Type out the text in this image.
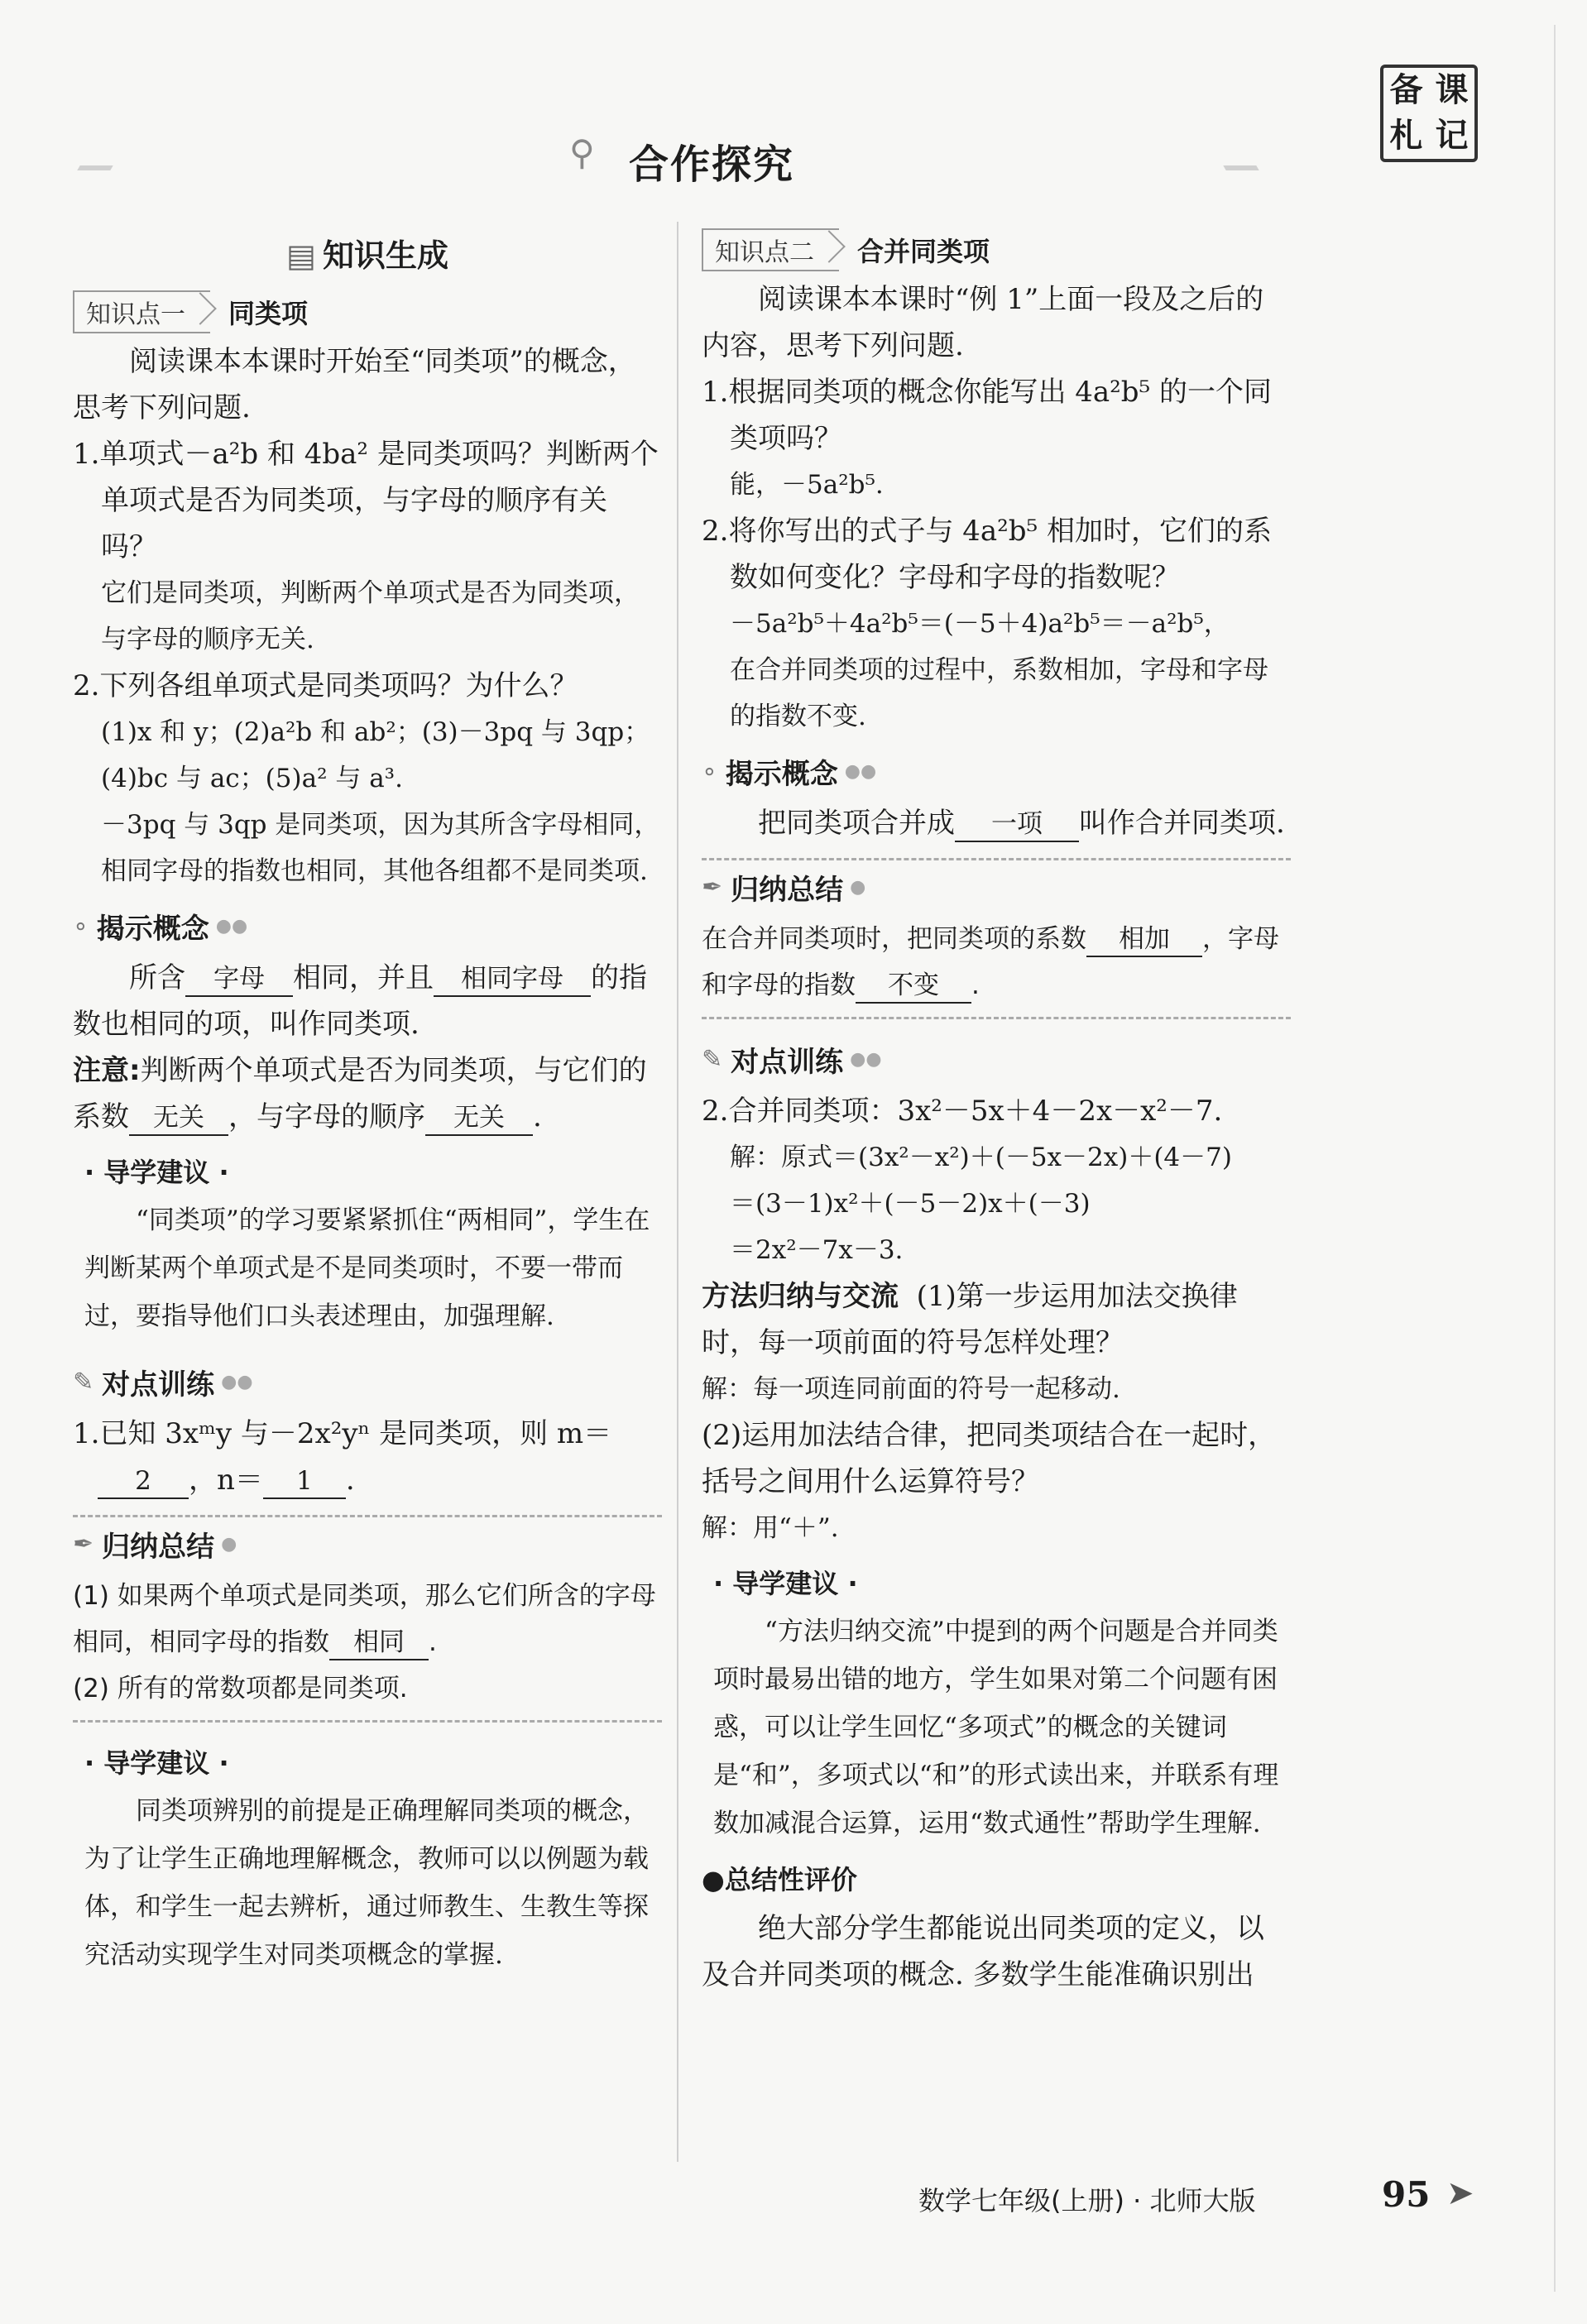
⚲ 合作探究
备 课
札 记
▤ 知识生成
知识点一	同类项

阅读课本本课时开始至“同类项”的概念，思考下列问题.

1.单项式－a²b 和 4ba² 是同类项吗？判断两个单项式是否为同类项，与字母的顺序有关吗？

它们是同类项，判断两个单项式是否为同类项，与字母的顺序无关.

2.下列各组单项式是同类项吗？为什么？

(1)x 和 y；(2)a²b 和 ab²；(3)－3pq 与 3qp；

(4)bc 与 ac；(5)a² 与 a³.

－3pq 与 3qp 是同类项，因为其所含字母相同，相同字母的指数也相同，其他各组都不是同类项.

∘ 揭示概念 ●●

所含 字母 相同，并且 相同字母 的指数也相同的项，叫作同类项.

注意:判断两个单项式是否为同类项，与它们的系数 无关 ，与字母的顺序 无关 .

· 导学建议 ·

“同类项”的学习要紧紧抓住“两相同”，学生在判断某两个单项式是不是同类项时，不要一带而过，要指导他们口头表述理由，加强理解.

✎ 对点训练 ●●

1.已知 3xᵐy 与－2x²yⁿ 是同类项，则 m＝
2 ，n＝ 1 .

✒ 归纳总结 ●

(1) 如果两个单项式是同类项，那么它们所含的字母相同，相同字母的指数 相同 .

(2) 所有的常数项都是同类项.

· 导学建议 ·

同类项辨别的前提是正确理解同类项的概念，为了让学生正确地理解概念，教师可以以例题为载体，和学生一起去辨析，通过师教生、生教生等探究活动实现学生对同类项概念的掌握.

知识点二	合并同类项

阅读课本本课时“例 1”上面一段及之后的内容，思考下列问题.

1.根据同类项的概念你能写出 4a²b⁵ 的一个同类项吗？

能，－5a²b⁵.

2.将你写出的式子与 4a²b⁵ 相加时，它们的系数如何变化？字母和字母的指数呢？

－5a²b⁵＋4a²b⁵＝(－5＋4)a²b⁵＝－a²b⁵，

在合并同类项的过程中，系数相加，字母和字母的指数不变.

∘ 揭示概念 ●●

把同类项合并成 一项 叫作合并同类项.

✒ 归纳总结 ●

在合并同类项时，把同类项的系数 相加 ，字母和字母的指数 不变 .

✎ 对点训练 ●●

2.合并同类项：3x²－5x＋4－2x－x²－7.

解：原式＝(3x²－x²)＋(－5x－2x)＋(4－7)

＝(3－1)x²＋(－5－2)x＋(－3)

＝2x²－7x－3.

方法归纳与交流 (1)第一步运用加法交换律时，每一项前面的符号怎样处理？

解：每一项连同前面的符号一起移动.

(2)运用加法结合律，把同类项结合在一起时，括号之间用什么运算符号？

解：用“＋”.

· 导学建议 ·

“方法归纳交流”中提到的两个问题是合并同类项时最易出错的地方，学生如果对第二个问题有困惑，可以让学生回忆“多项式”的概念的关键词是“和”，多项式以“和”的形式读出来，并联系有理数加减混合运算，运用“数式通性”帮助学生理解.

●总结性评价

绝大部分学生都能说出同类项的定义，以及合并同类项的概念. 多数学生能准确识别出

数学七年级(上册) · 北师大版	95 ➤
